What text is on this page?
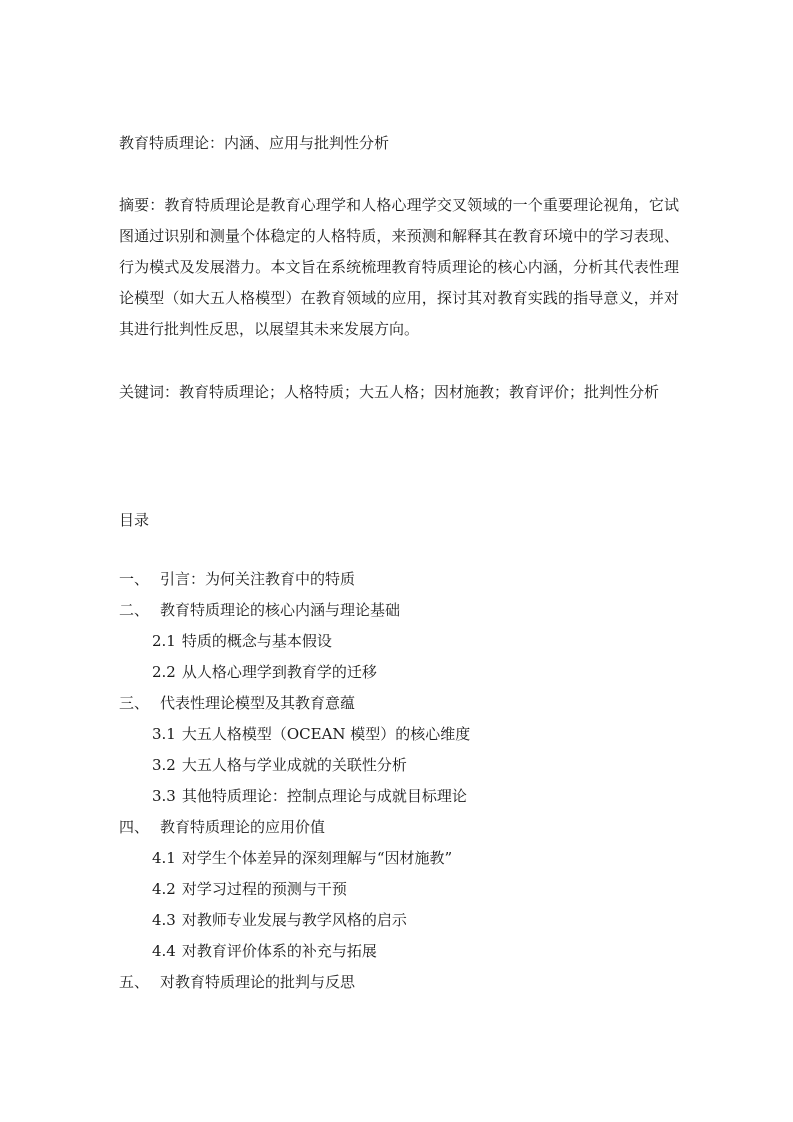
教育特质理论：内涵、应用与批判性分析
摘要：教育特质理论是教育心理学和人格心理学交叉领域的一个重要理论视角，它试图通过识别和测量个体稳定的人格特质，来预测和解释其在教育环境中的学习表现、行为模式及发展潜力。本文旨在系统梳理教育特质理论的核心内涵，分析其代表性理论模型（如大五人格模型）在教育领域的应用，探讨其对教育实践的指导意义，并对其进行批判性反思，以展望其未来发展方向。
关键词：教育特质理论；人格特质；大五人格；因材施教；教育评价；批判性分析
目录
一、 引言：为何关注教育中的特质
二、 教育特质理论的核心内涵与理论基础
2.1 特质的概念与基本假设
2.2 从人格心理学到教育学的迁移
三、 代表性理论模型及其教育意蕴
3.1 大五人格模型（OCEAN 模型）的核心维度
3.2 大五人格与学业成就的关联性分析
3.3 其他特质理论：控制点理论与成就目标理论
四、 教育特质理论的应用价值
4.1 对学生个体差异的深刻理解与“因材施教”
4.2 对学习过程的预测与干预
4.3 对教师专业发展与教学风格的启示
4.4 对教育评价体系的补充与拓展
五、 对教育特质理论的批判与反思
